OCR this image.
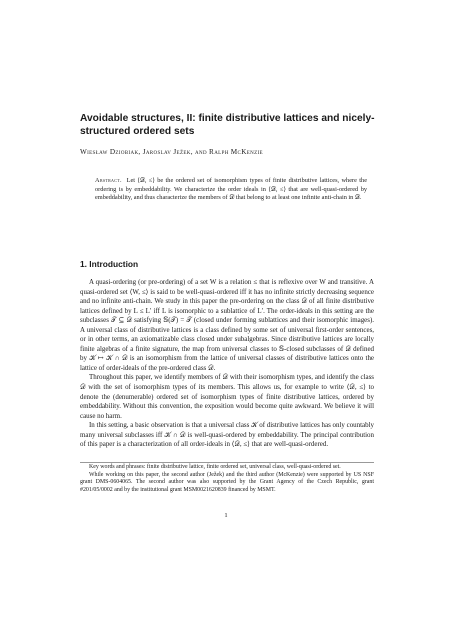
Avoidable structures, II: finite distributive lattices and nicely-structured ordered sets
Wiesław Dziobiak, Jaroslav Ježek, and Ralph McKenzie

Abstract. Let ⟨𝒟, ≤⟩ be the ordered set of isomorphism types of finite distributive lattices, where the ordering is by embeddability. We characterize the order ideals in ⟨𝒟, ≤⟩ that are well-quasi-ordered by embeddability, and thus characterize the members of 𝒟 that belong to at least one infinite anti-chain in 𝒟.

1. Introduction

A quasi-ordering (or pre-ordering) of a set W is a relation ≤ that is reflexive over W and transitive. A quasi-ordered set ⟨W, ≤⟩ is said to be well-quasi-ordered iff it has no infinite strictly decreasing sequence and no infinite anti-chain. We study in this paper the pre-ordering on the class 𝒟 of all finite distributive lattices defined by L ≤ L′ iff L is isomorphic to a sublattice of L′. The order-ideals in this setting are the subclasses 𝒯 ⊆ 𝒟 satisfying 𝕊(𝒯) = 𝒯 (closed under forming sublattices and their isomorphic images). A universal class of distributive lattices is a class defined by some set of universal first-order sentences, or in other terms, an axiomatizable class closed under subalgebras. Since distributive lattices are locally finite algebras of a finite signature, the map from universal classes to 𝕊-closed subclasses of 𝒟 defined by 𝒦 ↦ 𝒦 ∩ 𝒟 is an isomorphism from the lattice of universal classes of distributive lattices onto the lattice of order-ideals of the pre-ordered class 𝒟.

Throughout this paper, we identify members of 𝒟 with their isomorphism types, and identify the class 𝒟 with the set of isomorphism types of its members. This allows us, for example to write ⟨𝒟, ≤⟩ to denote the (denumerable) ordered set of isomorphism types of finite distributive lattices, ordered by embeddability. Without this convention, the exposition would become quite awkward. We believe it will cause no harm.

In this setting, a basic observation is that a universal class 𝒦 of distributive lattices has only countably many universal subclasses iff 𝒦 ∩ 𝒟 is well-quasi-ordered by embeddability. The principal contribution of this paper is a characterization of all order-ideals in ⟨𝒟, ≤⟩ that are well-quasi-ordered.

Key words and phrases: finite distributive lattice, finite ordered set, universal class, well-quasi-ordered set.

While working on this paper, the second author (Ježek) and the third author (McKenzie) were supported by US NSF grant DMS-0604065. The second author was also supported by the Grant Agency of the Czech Republic, grant #201/05/0002 and by the institutional grant MSM0021620839 financed by MSMT.

1
